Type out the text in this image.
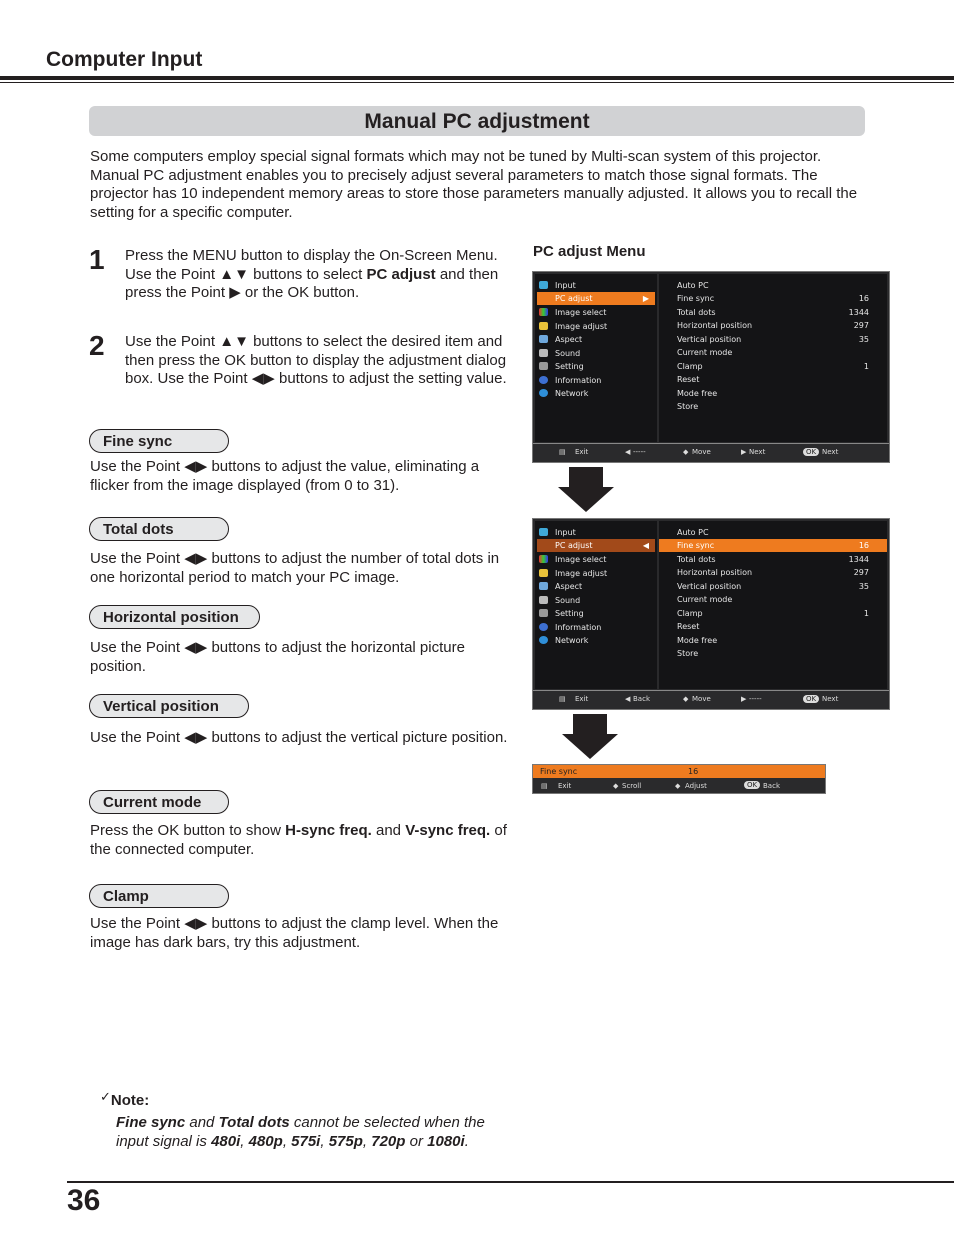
Computer Input
Manual PC adjustment
Some computers employ special signal formats which may not be tuned by Multi-scan system of this projector. Manual PC adjustment enables you to precisely adjust several parameters to match those signal formats. The projector has 10 independent memory areas to store those parameters manually adjusted. It allows you to recall the setting for a specific computer.
1 Press the MENU button to display the On-Screen Menu. Use the Point ▲▼ buttons to select PC adjust and then press the Point ▶ or the OK button.
2 Use the Point ▲▼ buttons to select the desired item and then press the OK button to display the adjustment dialog box. Use the Point ◀▶ buttons to adjust the setting value.
Fine sync
Use the Point ◀▶ buttons to adjust the value, eliminating a flicker from the image displayed (from 0 to 31).
Total dots
Use the Point ◀▶ buttons to adjust the number of total dots in one horizontal period to match your PC image.
Horizontal position
Use the Point ◀▶ buttons to adjust the horizontal picture position.
Vertical position
Use the Point ◀▶ buttons to adjust the vertical picture position.
Current mode
Press the OK button to show H-sync freq. and V-sync freq. of the connected computer.
Clamp
Use the Point ◀▶ buttons to adjust the clamp level. When the image has dark bars, try this adjustment.
PC adjust Menu
Input
PC adjust	▶
Image select
Image adjust
Aspect
Sound
Setting
Information
Network
Auto PC
Fine sync	16
Total dots	1344
Horizontal position	297
Vertical position	35
Current mode
Clamp	1
Reset
Mode free
Store
▤ Exit	◀ -----	◆ Move	▶ Next	OK Next
Input
PC adjust	◀
Image select
Image adjust
Aspect
Sound
Setting
Information
Network
Auto PC
Fine sync	16
Total dots	1344
Horizontal position	297
Vertical position	35
Current mode
Clamp	1
Reset
Mode free
Store
▤ Exit	◀ Back	◆ Move	▶ -----	OK Next
Fine sync	16
▤ Exit	◆ Scroll	◆ Adjust	OK Back
✓Note:
Fine sync and Total dots cannot be selected when the input signal is 480i, 480p, 575i, 575p, 720p or 1080i.
36
